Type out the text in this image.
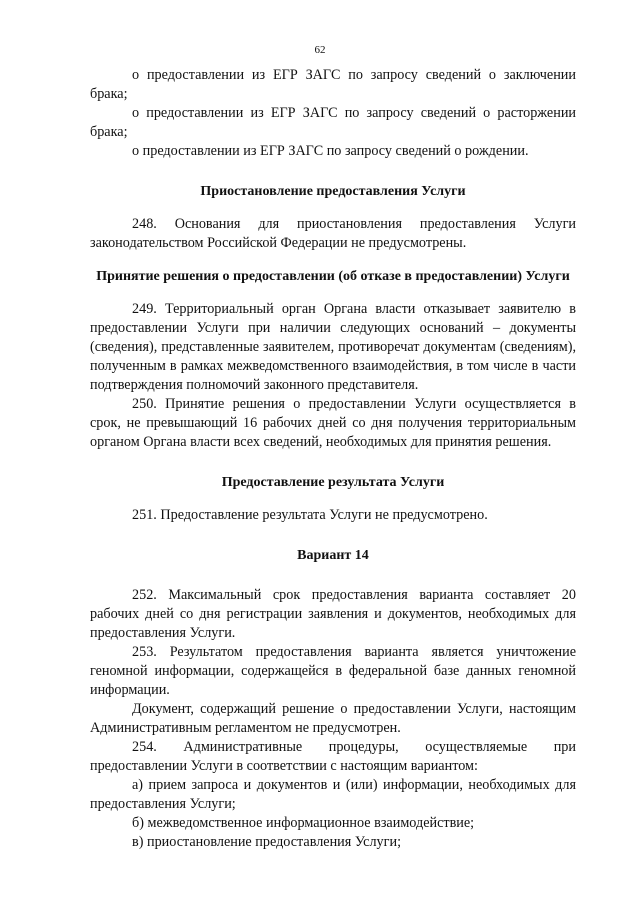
62

о предоставлении из ЕГР ЗАГС по запросу сведений о заключении брака;

о предоставлении из ЕГР ЗАГС по запросу сведений о расторжении брака;

о предоставлении из ЕГР ЗАГС по запросу сведений о рождении.

Приостановление предоставления Услуги

248. Основания для приостановления предоставления Услуги законодательством Российской Федерации не предусмотрены.

Принятие решения о предоставлении (об отказе в предоставлении) Услуги

249. Территориальный орган Органа власти отказывает заявителю в предоставлении Услуги при наличии следующих оснований – документы (сведения), представленные заявителем, противоречат документам (сведениям), полученным в рамках межведомственного взаимодействия, в том числе в части подтверждения полномочий законного представителя.

250. Принятие решения о предоставлении Услуги осуществляется в срок, не превышающий 16 рабочих дней со дня получения территориальным органом Органа власти всех сведений, необходимых для принятия решения.

Предоставление результата Услуги

251. Предоставление результата Услуги не предусмотрено.

Вариант 14

252. Максимальный срок предоставления варианта составляет 20 рабочих дней со дня регистрации заявления и документов, необходимых для предоставления Услуги.

253. Результатом предоставления варианта является уничтожение геномной информации, содержащейся в федеральной базе данных геномной информации.

Документ, содержащий решение о предоставлении Услуги, настоящим Административным регламентом не предусмотрен.

254. Административные процедуры, осуществляемые при предоставлении Услуги в соответствии с настоящим вариантом:

а) прием запроса и документов и (или) информации, необходимых для предоставления Услуги;

б) межведомственное информационное взаимодействие;

в) приостановление предоставления Услуги;
